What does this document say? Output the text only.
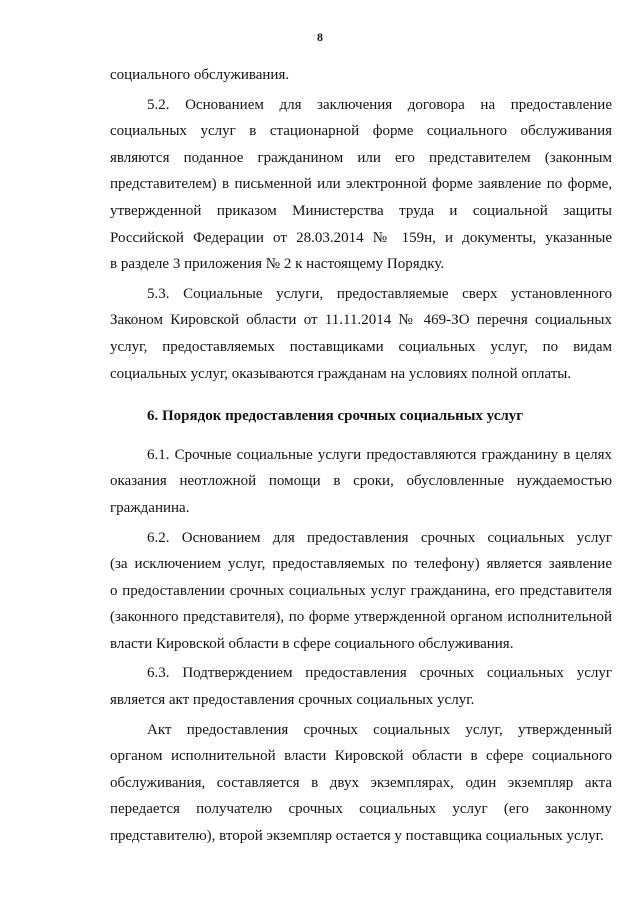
8
социального обслуживания.
5.2. Основанием для заключения договора на предоставление
социальных услуг в стационарной форме социального обслуживания
являются поданное гражданином или его представителем (законным
представителем) в письменной или электронной форме заявление по форме,
утвержденной приказом Министерства труда и социальной защиты
Российской Федерации от 28.03.2014 № 159н, и документы, указанные
в разделе 3 приложения № 2 к настоящему Порядку.
5.3. Социальные услуги, предоставляемые сверх установленного
Законом Кировской области от 11.11.2014 № 469-ЗО перечня социальных
услуг, предоставляемых поставщиками социальных услуг, по видам
социальных услуг, оказываются гражданам на условиях полной оплаты.
6. Порядок предоставления срочных социальных услуг
6.1. Срочные социальные услуги предоставляются гражданину в целях
оказания неотложной помощи в сроки, обусловленные нуждаемостью
гражданина.
6.2. Основанием для предоставления срочных социальных услуг
(за исключением услуг, предоставляемых по телефону) является заявление
о предоставлении срочных социальных услуг гражданина, его представителя
(законного представителя), по форме утвержденной органом исполнительной
власти Кировской области в сфере социального обслуживания.
6.3. Подтверждением предоставления срочных социальных услуг
является акт предоставления срочных социальных услуг.
Акт предоставления срочных социальных услуг, утвержденный
органом исполнительной власти Кировской области в сфере социального
обслуживания, составляется в двух экземплярах, один экземпляр акта
передается получателю срочных социальных услуг (его законному
представителю), второй экземпляр остается у поставщика социальных услуг.
